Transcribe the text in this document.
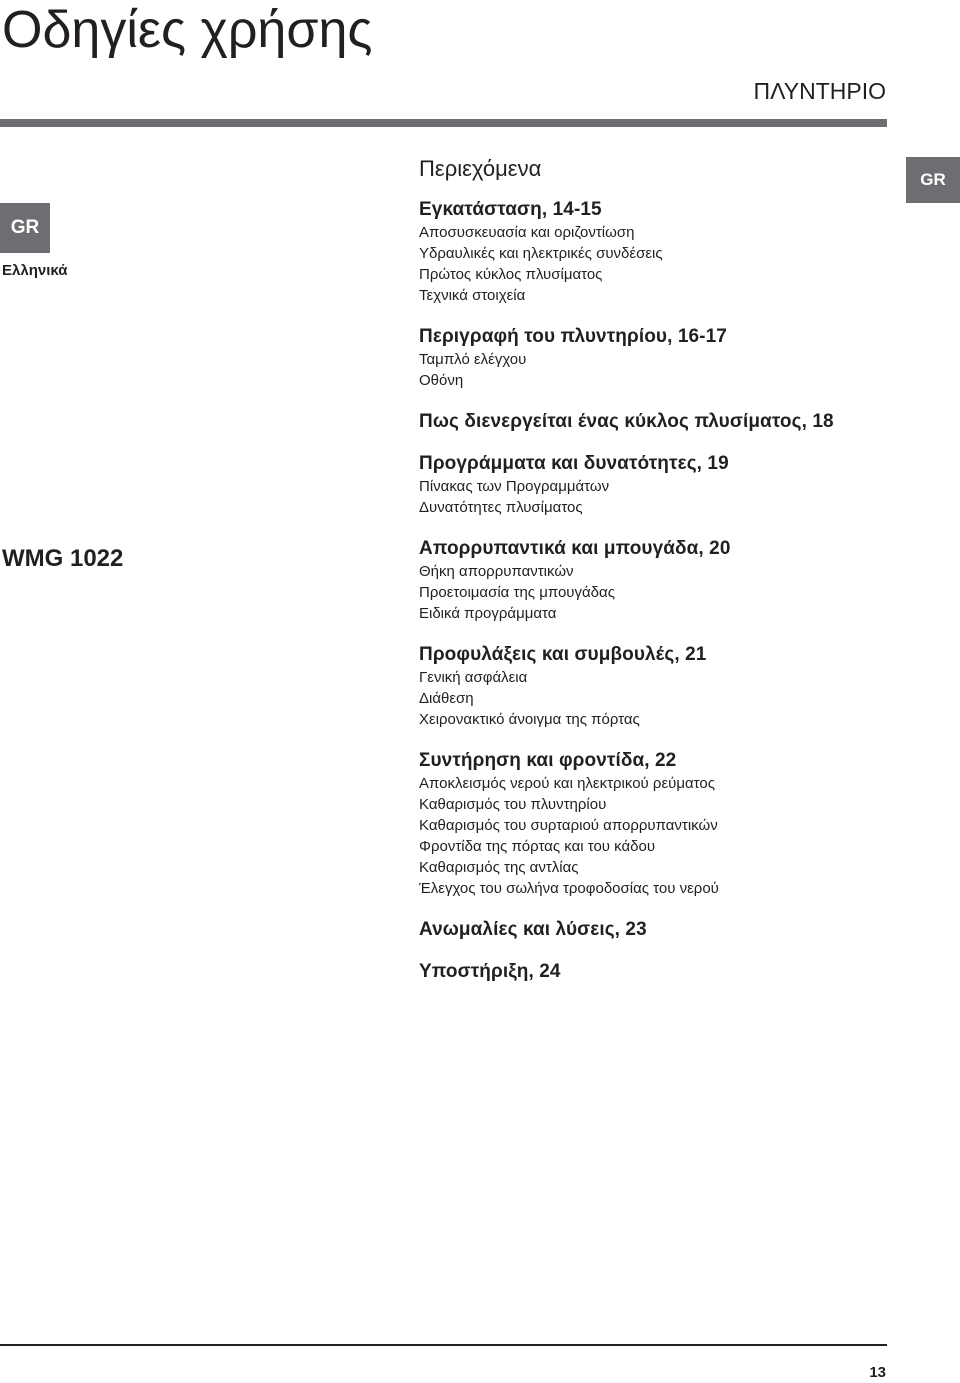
Οδηγίες χρήσης
ΠΛΥΝΤΗΡΙΟ
GR
GR
Ελληνικά
WMG 1022
Περιεχόμενα
Εγκατάσταση, 14-15
Αποσυσκευασία και οριζοντίωση
Υδραυλικές και ηλεκτρικές συνδέσεις
Πρώτος κύκλος πλυσίματος
Τεχνικά στοιχεία
Περιγραφή του πλυντηρίου, 16-17
Ταμπλό ελέγχου
Οθόνη
Πως διενεργείται ένας κύκλος πλυσίματος, 18
Προγράμματα και δυνατότητες, 19
Πίνακας των Προγραμμάτων
Δυνατότητες πλυσίματος
Απορρυπαντικά και μπουγάδα, 20
Θήκη απορρυπαντικών
Προετοιμασία της μπουγάδας
Ειδικά προγράμματα
Προφυλάξεις και συμβουλές, 21
Γενική ασφάλεια
Διάθεση
Χειρονακτικό άνοιγμα της πόρτας
Συντήρηση και φροντίδα, 22
Αποκλεισμός νερού και ηλεκτρικού ρεύματος
Καθαρισμός του πλυντηρίου
Καθαρισμός του συρταριού απορρυπαντικών
Φροντίδα της πόρτας και του κάδου
Καθαρισμός της αντλίας
Έλεγχος του σωλήνα τροφοδοσίας του νερού
Ανωμαλίες και λύσεις, 23
Υποστήριξη, 24
13
